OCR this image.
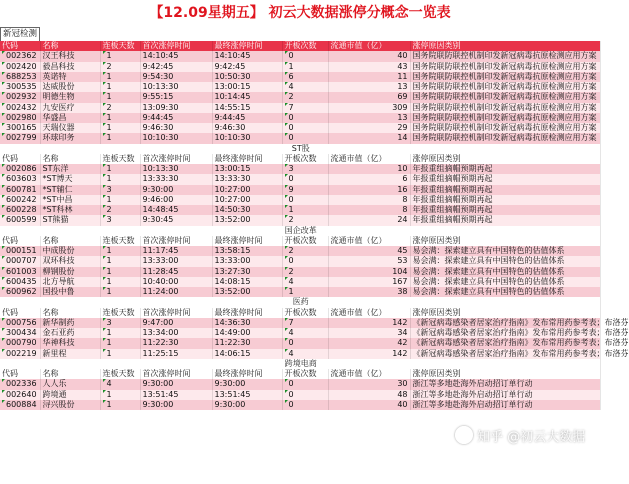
【12.09星期五】 初云大数据涨停分概念一览表
新冠检测
代码	名称	连板天数	首次涨停时间	最终涨停时间	开板次数	流通市值（亿）	涨停原因类别
002362	汉王科技	1	14:10:45	14:10:45	0	40	国务院联防联控机制印发新冠病毒抗原检测应用方案
002420	毅昌科技	2	9:42:45	9:42:45	1	43	国务院联防联控机制印发新冠病毒抗原检测应用方案
688253	英诺特	1	9:54:30	10:50:30	6	11	国务院联防联控机制印发新冠病毒抗原检测应用方案
300535	达威股份	1	10:13:30	13:00:15	4	13	国务院联防联控机制印发新冠病毒抗原检测应用方案
002932	明德生物	1	9:55:15	10:14:45	2	69	国务院联防联控机制印发新冠病毒抗原检测应用方案
002432	九安医疗	2	13:09:30	14:55:15	7	309	国务院联防联控机制印发新冠病毒抗原检测应用方案
002980	华盛昌	1	9:44:45	9:44:45	0	13	国务院联防联控机制印发新冠病毒抗原检测应用方案
300165	天瑞仪器	1	9:46:30	9:46:30	0	29	国务院联防联控机制印发新冠病毒抗原检测应用方案
002799	环球印务	1	10:10:30	10:10:30	0	14	国务院联防联控机制印发新冠病毒抗原检测应用方案
ST股							
代码	名称	连板天数	首次涨停时间	最终涨停时间	开板次数	流通市值（亿）	涨停原因类别
002086	ST东洋	1	10:13:30	13:00:15	3	10	年报重组摘帽预期再起
603603	*ST博天	1	13:33:30	13:33:30	0	6	年报重组摘帽预期再起
600781	*ST辅仁	3	9:30:00	10:27:00	9	16	年报重组摘帽预期再起
600242	*ST中昌	1	9:46:00	10:27:00	0	8	年报重组摘帽预期再起
600228	*ST科林	2	14:48:45	14:50:30	1	8	年报重组摘帽预期再起
600599	ST熊猫	3	9:30:45	13:52:00	2	24	年报重组摘帽预期再起
国企改革							
代码	名称	连板天数	首次涨停时间	最终涨停时间	开板次数	流通市值（亿）	涨停原因类别
000151	中成股份	1	11:17:45	13:58:15	2	45	易会满：探索建立具有中国特色的估值体系
000707	双环科技	1	13:33:00	13:33:00	0	53	易会满：探索建立具有中国特色的估值体系
601003	柳钢股份	1	11:28:45	13:27:30	2	104	易会满：探索建立具有中国特色的估值体系
600435	北方导航	1	10:40:00	14:08:15	4	167	易会满：探索建立具有中国特色的估值体系
600962	国投中鲁	1	11:24:00	13:52:00	1	38	易会满：探索建立具有中国特色的估值体系
医药							
代码	名称	连板天数	首次涨停时间	最终涨停时间	开板次数	流通市值（亿）	涨停原因类别
000756	新华制药	3	9:47:00	14:36:30	7	142	《新冠病毒感染者居家治疗指南》发布常用药参考表；布洛芬
300434	金石亚药	1	13:34:00	14:49:00	4	34	《新冠病毒感染者居家治疗指南》发布常用药参考表；布洛芬
000790	华神科技	1	11:22:30	11:22:30	0	42	《新冠病毒感染者居家治疗指南》发布常用药参考表；布洛芬
002219	新里程	1	11:25:15	14:06:15	4	142	《新冠病毒感染者居家治疗指南》发布常用药参考表；布洛芬
跨境电商							
代码	名称	连板天数	首次涨停时间	最终涨停时间	开板次数	流通市值（亿）	涨停原因类别
002336	人人乐	4	9:30:00	9:30:00	0	30	浙江等多地赴海外启动招订单行动
002640	跨境通	1	13:51:45	13:51:45	0	48	浙江等多地赴海外启动招订单行动
600884	浔兴股份	1	9:30:00	9:30:00	0	40	浙江等多地赴海外启动招订单行动
知乎 @初云大数据
